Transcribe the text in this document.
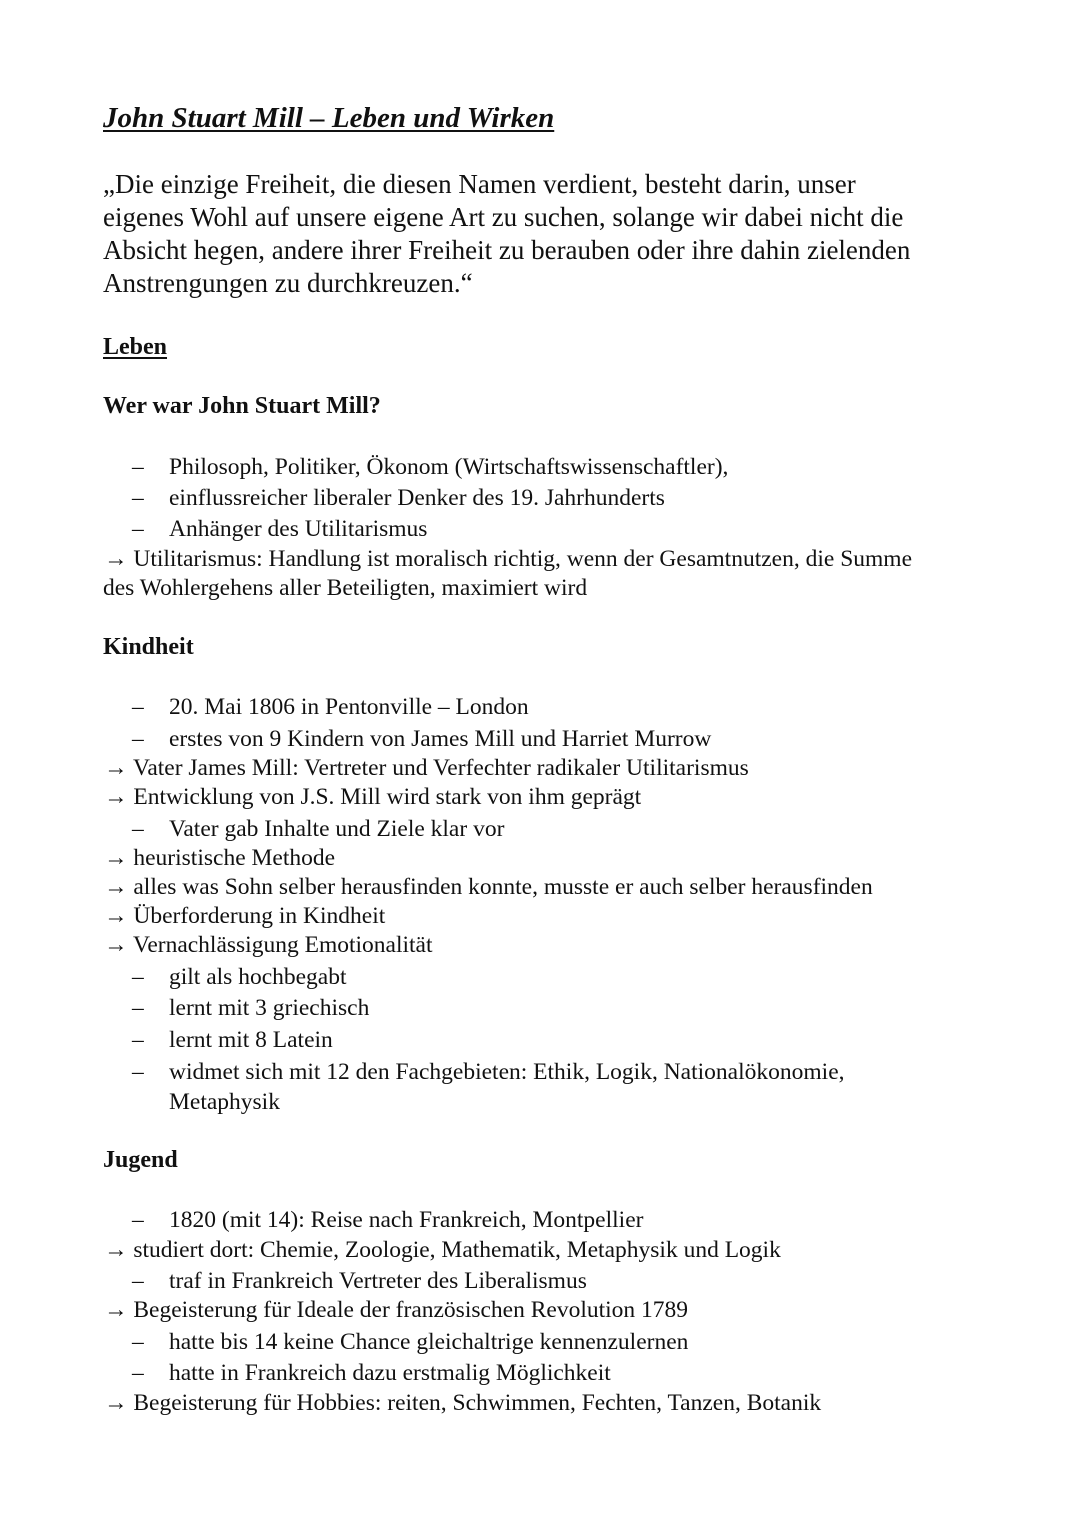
John Stuart Mill – Leben und Wirken
„Die einzige Freiheit, die diesen Namen verdient, besteht darin, unser
eigenes Wohl auf unsere eigene Art zu suchen, solange wir dabei nicht die
Absicht hegen, andere ihrer Freiheit zu berauben oder ihre dahin zielenden
Anstrengungen zu durchkreuzen.“
Leben
Wer war John Stuart Mill?
– Philosoph, Politiker, Ökonom (Wirtschaftswissenschaftler),
– einflussreicher liberaler Denker des 19. Jahrhunderts
– Anhänger des Utilitarismus
→ Utilitarismus: Handlung ist moralisch richtig, wenn der Gesamtnutzen, die Summe
des Wohlergehens aller Beteiligten, maximiert wird
Kindheit
– 20. Mai 1806 in Pentonville – London
– erstes von 9 Kindern von James Mill und Harriet Murrow
→ Vater James Mill: Vertreter und Verfechter radikaler Utilitarismus
→ Entwicklung von J.S. Mill wird stark von ihm geprägt
– Vater gab Inhalte und Ziele klar vor
→ heuristische Methode
→ alles was Sohn selber herausfinden konnte, musste er auch selber herausfinden
→ Überforderung in Kindheit
→ Vernachlässigung Emotionalität
– gilt als hochbegabt
– lernt mit 3 griechisch
– lernt mit 8 Latein
– widmet sich mit 12 den Fachgebieten: Ethik, Logik, Nationalökonomie,
Metaphysik
Jugend
– 1820 (mit 14): Reise nach Frankreich, Montpellier
→ studiert dort: Chemie, Zoologie, Mathematik, Metaphysik und Logik
– traf in Frankreich Vertreter des Liberalismus
→ Begeisterung für Ideale der französischen Revolution 1789
– hatte bis 14 keine Chance gleichaltrige kennenzulernen
– hatte in Frankreich dazu erstmalig Möglichkeit
→ Begeisterung für Hobbies: reiten, Schwimmen, Fechten, Tanzen, Botanik
